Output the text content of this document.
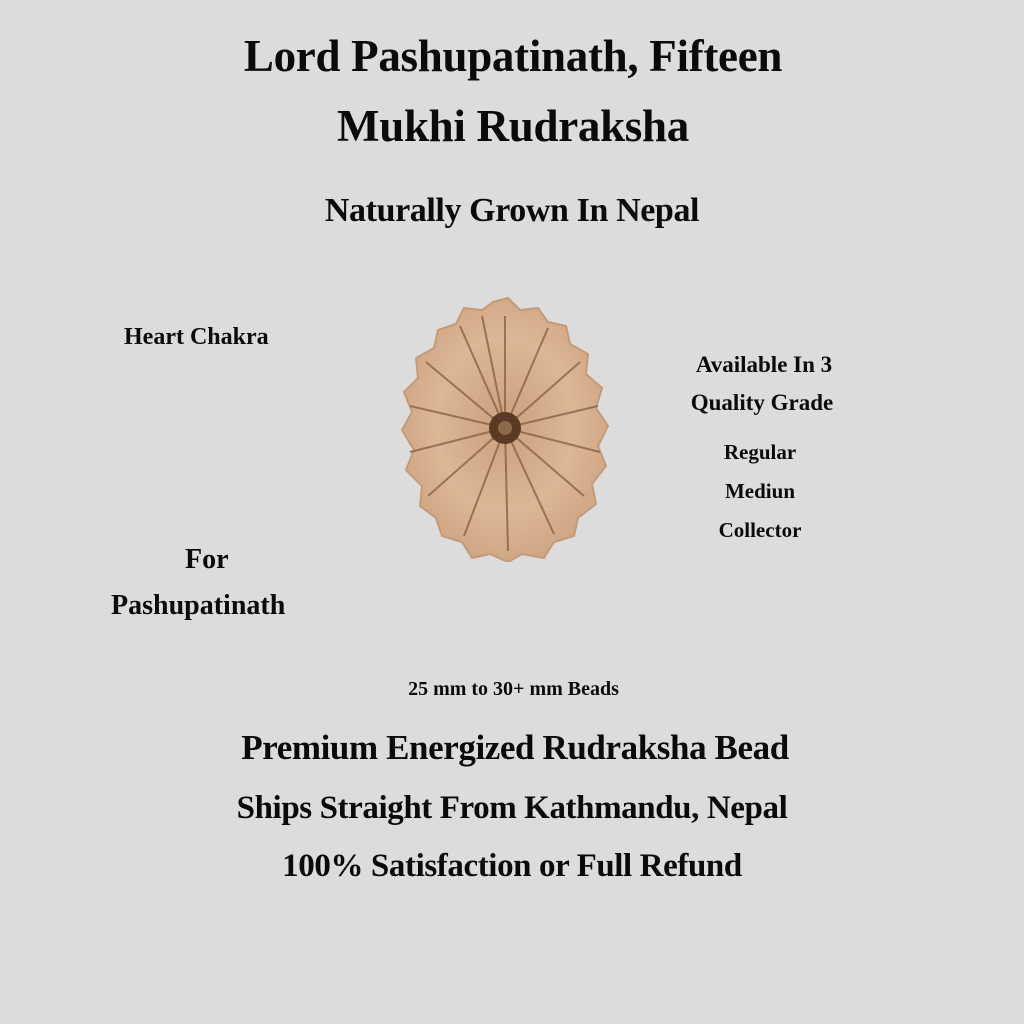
Lord Pashupatinath, Fifteen
Mukhi Rudraksha
Naturally Grown In Nepal
Heart Chakra
For
Pashupatinath
Available In 3
Quality Grade
Regular
Mediun
Collector
25 mm to 30+ mm Beads
Premium Energized Rudraksha Bead
Ships Straight From Kathmandu, Nepal
100% Satisfaction or Full Refund
